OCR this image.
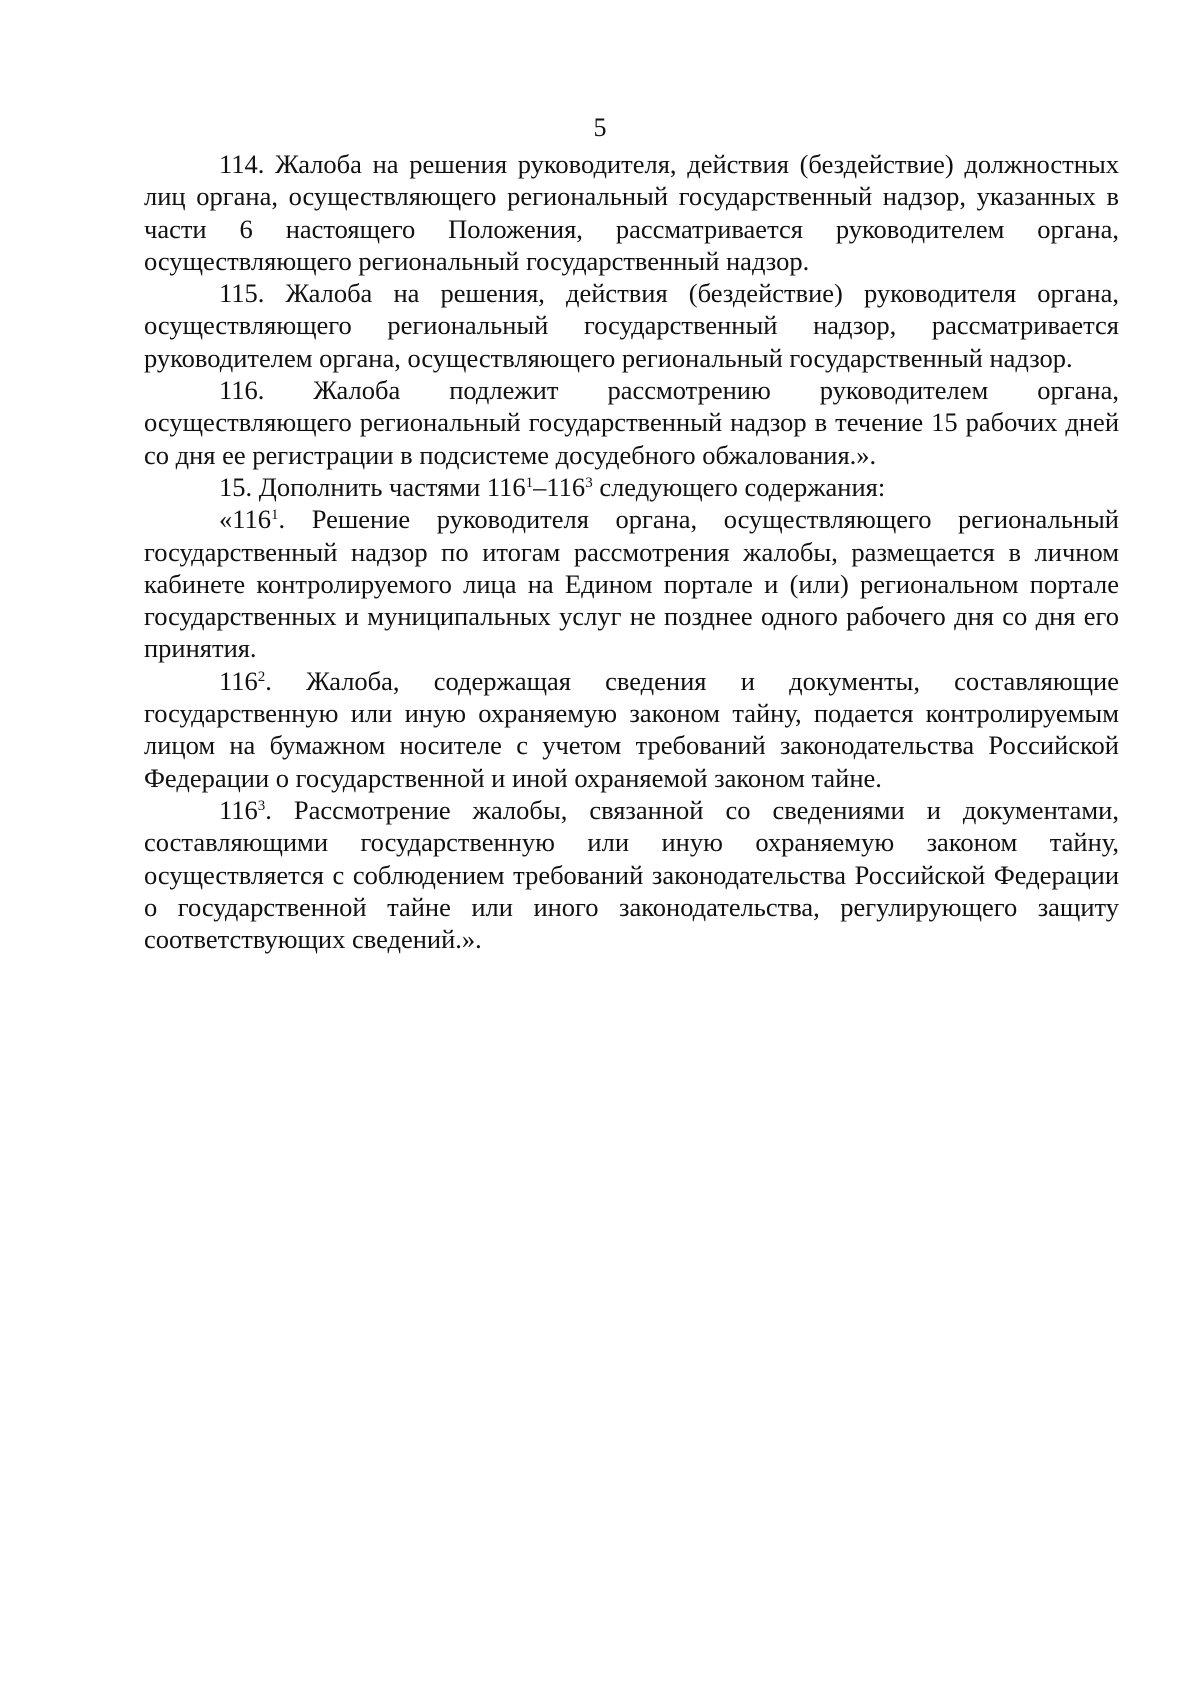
5

114. Жалоба на решения руководителя, действия (бездействие) должностных лиц органа, осуществляющего региональный государственный надзор, указанных в части 6 настоящего Положения, рассматривается руководителем органа, осуществляющего региональный государственный надзор.

115. Жалоба на решения, действия (бездействие) руководителя органа, осуществляющего региональный государственный надзор, рассматривается руководителем органа, осуществляющего региональный государственный надзор.

116. Жалоба подлежит рассмотрению руководителем органа, осуществляющего региональный государственный надзор в течение 15 рабочих дней со дня ее регистрации в подсистеме досудебного обжалования.».

15. Дополнить частями $116^1-116^3$ следующего содержания:

«$116^1$. Решение руководителя органа, осуществляющего региональный государственный надзор по итогам рассмотрения жалобы, размещается в личном кабинете контролируемого лица на Едином портале и (или) региональном портале государственных и муниципальных услуг не позднее одного рабочего дня со дня его принятия.

$116^2$. Жалоба, содержащая сведения и документы, составляющие государственную или иную охраняемую законом тайну, подается контролируемым лицом на бумажном носителе с учетом требований законодательства Российской Федерации о государственной и иной охраняемой законом тайне.

$116^3$. Рассмотрение жалобы, связанной со сведениями и документами, составляющими государственную или иную охраняемую законом тайну, осуществляется с соблюдением требований законодательства Российской Федерации о государственной тайне или иного законодательства, регулирующего защиту соответствующих сведений.».
